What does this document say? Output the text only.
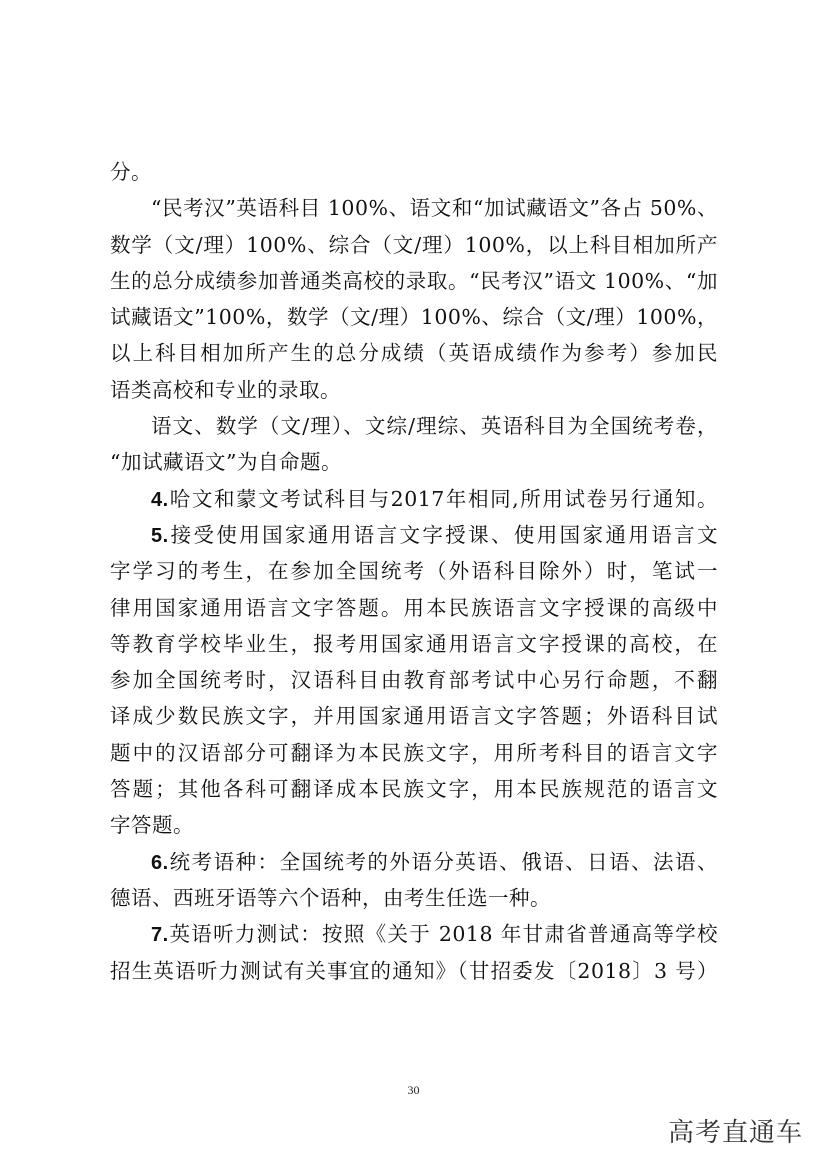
分。
“民考汉”英语科目 100%、语文和“加试藏语文”各占 50%、
数学（文/理）100%、综合（文/理）100%，以上科目相加所产
生的总分成绩参加普通类高校的录取。“民考汉”语文 100%、“加
试藏语文”100%，数学（文/理）100%、综合（文/理）100%，
以上科目相加所产生的总分成绩（英语成绩作为参考）参加民
语类高校和专业的录取。
语文、数学（文/理）、文综/理综、英语科目为全国统考卷，
“加试藏语文”为自命题。
4.哈文和蒙文考试科目与2017年相同,所用试卷另行通知。
5.接受使用国家通用语言文字授课、使用国家通用语言文
字学习的考生，在参加全国统考（外语科目除外）时，笔试一
律用国家通用语言文字答题。用本民族语言文字授课的高级中
等教育学校毕业生，报考用国家通用语言文字授课的高校，在
参加全国统考时，汉语科目由教育部考试中心另行命题，不翻
译成少数民族文字，并用国家通用语言文字答题；外语科目试
题中的汉语部分可翻译为本民族文字，用所考科目的语言文字
答题；其他各科可翻译成本民族文字，用本民族规范的语言文
字答题。
6.统考语种：全国统考的外语分英语、俄语、日语、法语、
德语、西班牙语等六个语种，由考生任选一种。
7.英语听力测试：按照《关于 2018 年甘肃省普通高等学校
招生英语听力测试有关事宜的通知》（甘招委发〔2018〕3 号）
30
高考直通车
